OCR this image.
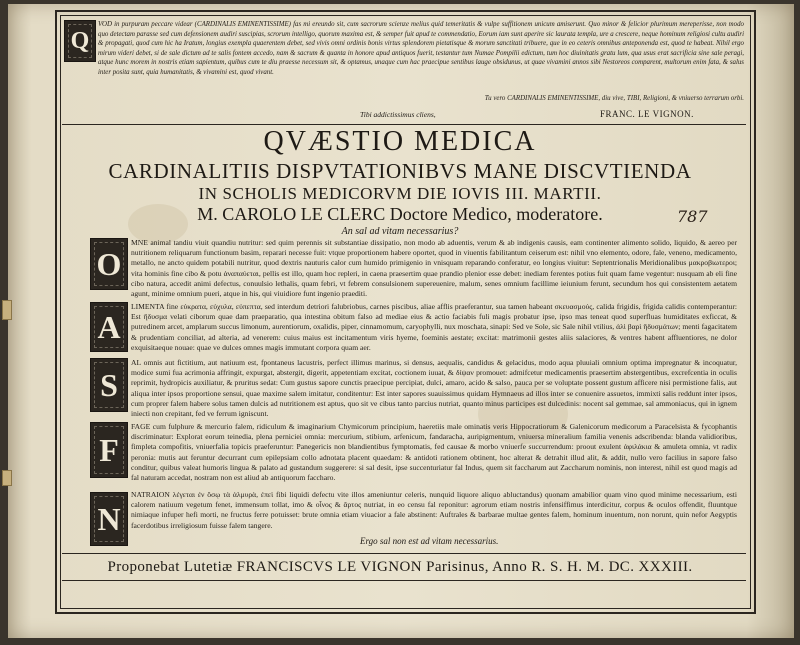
Q
VOD in purpuram peccare videar (CARDINALIS EMINENTISSIME) fas mi ereundo sit, cum sacrorum scienze melius quid temeritatis & vulpe suffitionem unicum amiserunt. Quo minor & felicior plurimum mereperisse, non modo quo detectam parasse sed cum defensionem audiri suscipias, scrorum intelligo, quorum maxima est, & semper fuit apud te commendatio, Eorum iam sunt aperire sic laurata templa, ure a crescere, neque hominum religiosi cultu audiri & propagati, quod cum hic ha Iratum, longius exempla quaerentem debet, sed vivis omni ordinis bonis virtus splendorem pietatisque & morum sanctitati tribuere, que in eo ceteris omnibus anteponenda est, quod te habeat. Nihil ergo mirum videri debet, si de sale dictum ad te salis fontem accedo, nam & sacrum & quanta in honore apud antiquos fuerit, testantur tum Numae Pompilii edictum, tum hoc diuinitatis gratu lum, qua usus erat sacrificia sine sale peragi, atque hunc morem in nostris etiam sapientum, quibus cum te diu praesse necessum sit, & optamus, unaque cum hac praecipue sentibus lauge obsidunus, ut quae vivamini annos sibi Nestoreos comparent, multorum enim fata, & salus inter posita sunt, quia humanitatis, & vivamini est, quod vivant.
Tu vero CARDINALIS EMINENTISSIME, diu vive, TIBI, Religioni, & vniuerso terrarum orbi.
Tibi addictissimus cliens,	FRANC. LE VIGNON.
QVÆSTIO MEDICA
CARDINALITIIS DISPVTATIONIBVS MANE DISCVTIENDA
IN SCHOLIS MEDICORVM DIE IOVIS III. MARTII.
M. CAROLO LE CLERC Doctore Medico, moderatore.	787
An sal ad vitam necessarius?
O
MNE animal tandiu viuit quandiu nutritur: sed quim perennis sit substantiae dissipatio, non modo ab aduentis, verum & ab indigenis causis, eam continenter alimento solido, liquido, & aereo per nutritionem reliquarum functionum basim, reparari necesse fuit: vtque proportionem habere oportet, quod in viuentis fabilitantum ceiserum est: nihil vno elemento, odore, fale, veneno, medicamento, metallo, ne ancto quidem potabili nutritur, quod dextris nauturis calor cum humido primigenio in vnisquam reparando conferatur, eo longius viuitur: Septentrionalis Meridionalibus μακροβιωτεροι; vita hominis fine cibo & potu ἀναπαύεται, pellis est illo, quam hoc repleri, in caena praesertim quae prandio plenior esse debet: inediam ferentes potius fuit quam fame vegentur: nusquam ab eli fine cibo natura, accedit animi defectus, conuulsio lethalis, quam febri, vt febrem consulsionem supereuenire, malum, senes omnium facillime ieiunium ferunt, secundum hos qui consistentem aetatem agunt, minime omnium pueri, atque in his, qui viuidiore funt ingenio praediti.
A
LIMENTA fine εὐκρατα, εὐχυλα, εὐπεπτα, sed interdum detriori falubriobus, carnes piscibus, aliae afflis praeferantur, sua tamen habeant σκευασμούς, calida frigidis, frigida calidis contemperantur: Est ἥδυσμα velati ciborum quae dam praeparatio, qua intestina obitum falso ad mediae eius & actio faciabis fuli magis probatur ipse, ipso mas teneat quod superfluas humiditates exficcat, & putredinem arcet, amplarum succus limonum, aurentiorum, oxalidis, piper, cinnamomum, caryophylli, nux moschata, sinapi: Sed ve Sole, sic Sale nihil vtilius, ἀλὶ βαρὶ ἥδυσμάτων; menti fagacitatem & prudentiam conciliat, ad alteria, ad venerem: cuius maius est incitamentum viris hyeme, foeminis aestate; excitat: matrimonii gestes aliis salaciores, & ventres habent affluentiores, ne dolor exquisitaeque nouae: quae ve dulces omnes magis immutant corpora quam aer.
S
AL omnis aut fictitium, aut natiuum est, fpontaneus lacustris, perfect illimus marinus, si densus, aequalis, candidus & gelacidus, modo aqua pluuiali omnium optima impregnatur & incoquatur, modice sumi fua acrimonia affringit, expurgat, abstergit, digerit, appetentiam excitat, coctionem iuuat, & δίψαν promouet: admifcetur medicamentis praesertim abstergentibus, excrefcentia in oculis reprimit, hydropicis auxiliatur, & pruritus sedat: Cum gustus sapore cunctis praecipue percipiat, dulci, amaro, acido & salso, pauca per se voluptate possent gustum afficere nisi permistione falis, aut aliqua inter ipsos proportione sensui, quae maxime salem imitatur, conditentur: Est inter sapores suauissimus quidam Hymnaeus ad illos inter se conuenire assuetos, immixti salis reddunt inter ipsos, cum proprer falem habere solus tamen dulcis ad nutritionem est aptus, quo sit ve cibus tanto parcius nutriat, quanto minus participes est dulcedinis: nocent sal gemmae, sal ammoniacus, qui in ignem iniecti non crepitant, fed ve ferrum igniscunt.
F
FAGE cum fulphure & mercurio falem, ridiculum & imaginarium Chymicorum principium, haeretiis male ominatis veris Hippocratiorum & Galenicorum medicorum a Paracelsista & fycophantis discriminatur: Explorat eorum teinedia, plena perniciei omnia: mercurium, stibium, arfenicum, fandaracha, auripigmentum, vniuersa mineralium familia venenis adscribenda: blanda validioribus, fimpleta compofitis, vniuerfalia topicis praeferuntur: Panegericis non blandientibus fymptomatis, fed causae & morbo vniuerfe succurrendum: proout exulent ἀφιλάκια & amuleta omnia, vt radix peronia: mutis aut feruntur decurrant cum epilepsiam collo adnotata placent quaedam: & antidoti rationem obtinent, hoc alterat & detrahit illud alit, & addit, nullo vero facilius in sapore falso conditur, quibus valeat humoris lingua & palato ad gustandum suggerere: si sal desit, ipse succenturiatur fal Indus, quem sit faccharum aut Zaccharum nominis, non interest, nihil est quod magis ad fal naturam accedat, nostram non est aliud ab antiquorum faccharo.
N
NATRAION λέγεται ἐν ὅσῳ τὰ ἁλμυρὰ, ἐπεὶ fibi liquidi defectu vite illos ameniuntur celeris, nunquid liquore aliquo abluctandus) quonam amabilior quam vino quod minime necessarium, esti calorem natiuum vegetum fenet, immensum tollat, imo & οἶνος & ἄρτος nutriat, in eo censu fal reponitur: agrorum etiam nostris infensiffimus interdicitur, corpus & oculos offendit, fluuntque nimiaque infuper hefi morti, ne fructus ferre potuisset: brute omnia etiam viuacior a fale abstinent: Auftrales & barbarae multae gentes falem, hominum inuentum, non norunt, quin nefor Aegyptis facerdotibus irreligiosum fuisse falem tangere.
Ergo sal non est ad vitam necessarius.
Proponebat Lutetiæ FRANCISCVS LE VIGNON Parisinus, Anno R. S. H. M. DC. XXXIII.
